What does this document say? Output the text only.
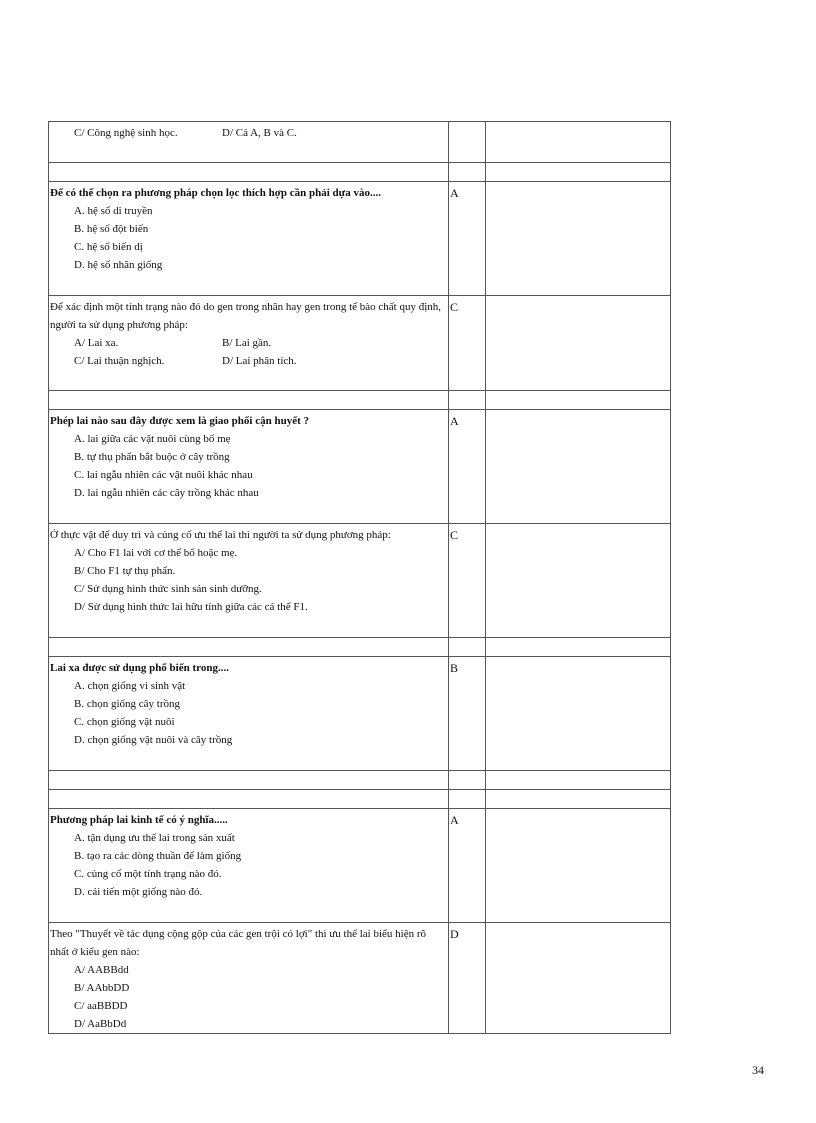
C/ Công nghệ sinh học. D/ Cả A, B và C.		

Để có thể chọn ra phương pháp chọn lọc thích hợp cần phải dựa vào....
A. hệ số di truyền
B. hệ số đột biến
C. hệ số biến dị
D. hệ số nhân giống	A	

Để xác định một tính trạng nào đó do gen trong nhân hay gen trong tế bào chất quy định, người ta sử dụng phương pháp:
A/ Lai xa. B/ Lai gần.
C/ Lai thuận nghịch. D/ Lai phân tích.	C	

Phép lai nào sau đây được xem là giao phối cận huyết ?
A. lai giữa các vật nuôi cùng bố mẹ
B. tự thụ phấn bắt buộc ở cây trồng
C. lai ngẫu nhiên các vật nuôi khác nhau
D. lai ngẫu nhiên các cây trồng khác nhau	A	

Ở thực vật để duy trì và củng cố ưu thế lai thì người ta sử dụng phương pháp:
A/ Cho F1 lai với cơ thể bố hoặc mẹ.
B/ Cho F1 tự thụ phấn.
C/ Sử dụng hình thức sinh sản sinh dưỡng.
D/ Sử dụng hình thức lai hữu tính giữa các cá thể F1.	C	

Lai xa được sử dụng phổ biến trong....
A. chọn giống vi sinh vật
B. chọn giống cây trồng
C. chọn giống vật nuôi
D. chọn giống vật nuôi và cây trồng	B	

Phương pháp lai kinh tế có ý nghĩa.....
A. tận dụng ưu thế lai trong sản xuất
B. tạo ra các dòng thuần để làm giống
C. củng cố một tính trạng nào đó.
D. cải tiến một giống nào đó.	A	

Theo "Thuyết về tác dụng cộng gộp của các gen trội có lợi" thì ưu thế lai biểu hiện rõ nhất ở kiểu gen nào:
A/ AABBdd
B/ AAbbDD
C/ aaBBDD
D/ AaBbDd	D	
34
